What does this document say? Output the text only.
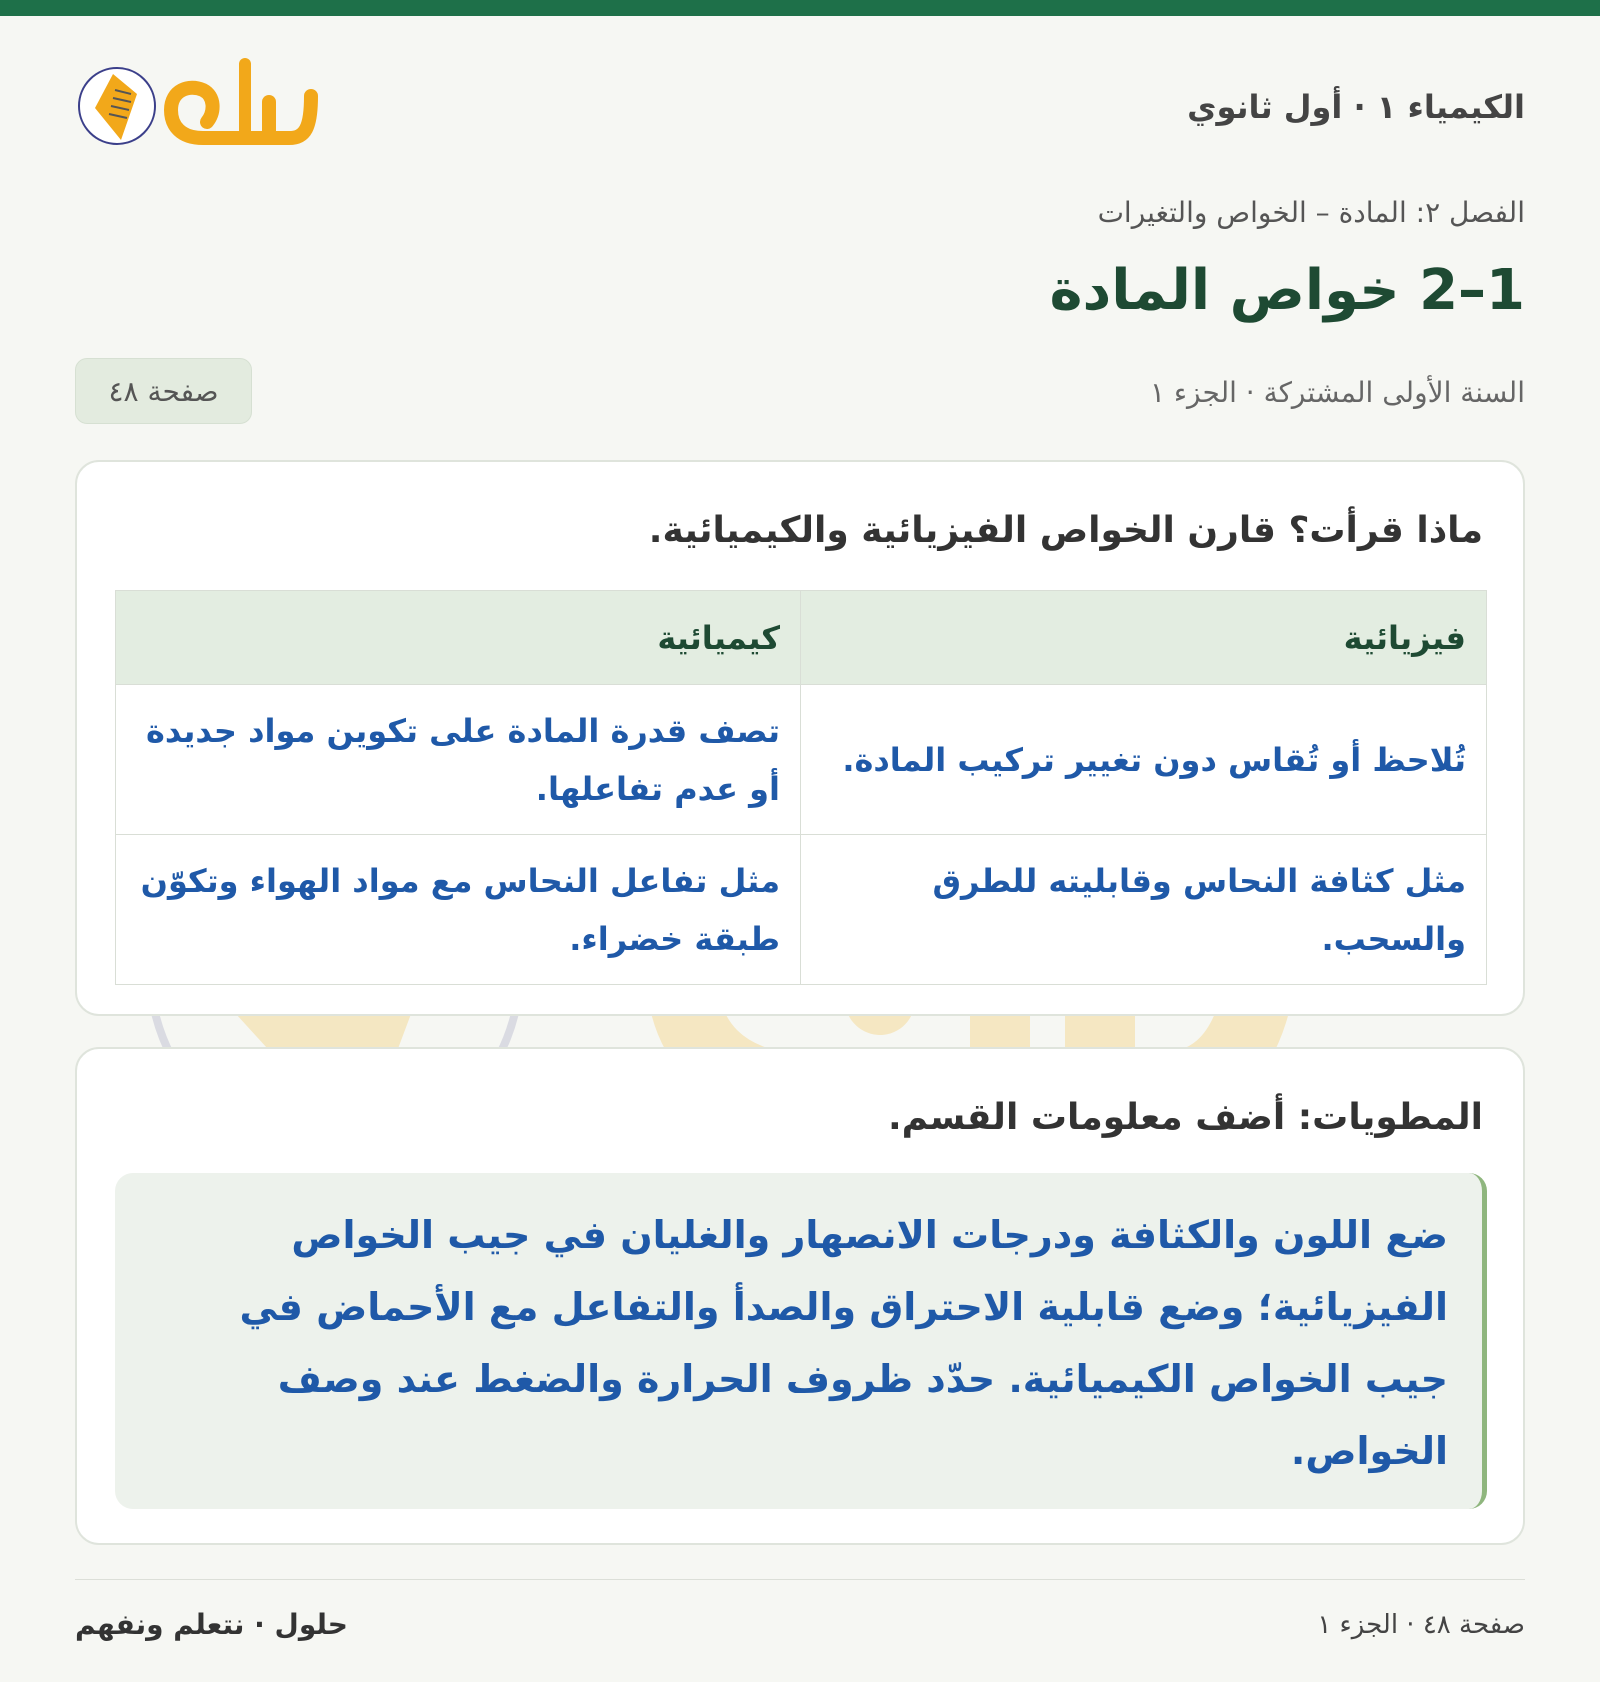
الكيمياء ١ · أول ثانوي
الفصل ٢: المادة – الخواص والتغيرات
1–2 خواص المادة
السنة الأولى المشتركة · الجزء ١
صفحة ٤٨
ماذا قرأت؟ قارن الخواص الفيزيائية والكيميائية.
فيزيائية	كيميائية
تُلاحظ أو تُقاس دون تغيير تركيب المادة.	تصف قدرة المادة على تكوين مواد جديدة أو عدم تفاعلها.
مثل كثافة النحاس وقابليته للطرق والسحب.	مثل تفاعل النحاس مع مواد الهواء وتكوّن طبقة خضراء.
المطويات: أضف معلومات القسم.
ضع اللون والكثافة ودرجات الانصهار والغليان في جيب الخواص الفيزيائية؛ وضع قابلية الاحتراق والصدأ والتفاعل مع الأحماض في جيب الخواص الكيميائية. حدّد ظروف الحرارة والضغط عند وصف الخواص.
صفحة ٤٨ · الجزء ١
حلول · نتعلم ونفهم
